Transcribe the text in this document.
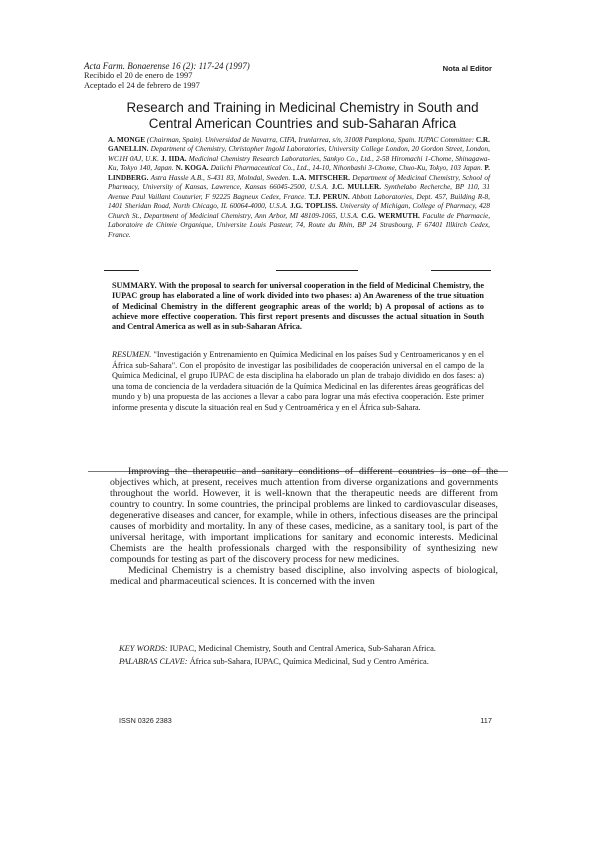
Acta Farm. Bonaerense 16 (2): 117-24 (1997)
Recibido el 20 de enero de 1997
Aceptado el 24 de febrero de 1997
Nota al Editor
Research and Training in Medicinal Chemistry in South and
Central American Countries and sub-Saharan Africa
A. MONGE (Chairman, Spain). Universidad de Navarra, CIFA, Irunlarrea, s/n, 31008 Pamplona, Spain. IUPAC Committee: C.R. GANELLIN. Department of Chemistry, Christopher Ingold Laboratories, University College London, 20 Gordon Street, London, WC1H 0AJ, U.K. J. IIDA. Medicinal Chemistry Research Laboratories, Sankyo Co., Ltd., 2-58 Hiromachi 1-Chome, Shinagawa-Ku, Tokyo 140, Japan. N. KOGA. Daiichi Pharmaceutical Co., Ltd., 14-10, Nihonbashi 3-Chome, Chuo-Ku, Tokyo, 103 Japan. P. LINDBERG. Astra Hassle A.B., S-431 83, Molndal, Sweden. L.A. MITSCHER. Department of Medicinal Chemistry, School of Pharmacy, University of Kansas, Lawrence, Kansas 66045-2500, U.S.A. J.C. MULLER. Synthelabo Recherche, BP 110, 31 Avenue Paul Vaillant Couturier, F 92225 Bagneux Cedex, France. T.J. PERUN. Abbott Laboratories, Dept. 457, Building R-8, 1401 Sheridan Road, North Chicago, IL 60064-4000, U.S.A. J.G. TOPLISS. University of Michigan, College of Pharmacy, 428 Church St., Department of Medicinal Chemistry, Ann Arbor, MI 48109-1065, U.S.A. C.G. WERMUTH. Faculte de Pharmacie, Laboratoire de Chimie Organique, Universite Louis Pasteur, 74, Route du Rhin, BP 24 Strasbourg, F 67401 Illkirch Cedex, France.
SUMMARY. With the proposal to search for universal cooperation in the field of Medicinal Chemistry, the IUPAC group has elaborated a line of work divided into two phases: a) An Awareness of the true situation of Medicinal Chemistry in the different geographic areas of the world; b) A proposal of actions as to achieve more effective cooperation. This first report presents and discusses the actual situation in South and Central America as well as in sub-Saharan Africa.
RESUMEN. "Investigación y Entrenamiento en Química Medicinal en los países Sud y Centroamericanos y en el África sub-Sahara". Con el propósito de investigar las posibilidades de cooperación universal en el campo de la Química Medicinal, el grupo IUPAC de esta disciplina ha elaborado un plan de trabajo dividido en dos fases: a) una toma de conciencia de la verdadera situación de la Química Medicinal en las diferentes áreas geográficas del mundo y b) una propuesta de las acciones a llevar a cabo para lograr una más efectiva cooperación. Este primer informe presenta y discute la situación real en Sud y Centroamérica y en el África sub-Sahara.

Improving the therapeutic and sanitary conditions of different countries is one of the objectives which, at present, receives much attention from diverse organizations and governments throughout the world. However, it is well-known that the therapeutic needs are different from country to country. In some countries, the principal problems are linked to cardiovascular diseases, degenerative diseases and cancer, for example, while in others, infectious diseases are the principal causes of morbidity and mortality. In any of these cases, medicine, as a sanitary tool, is part of the universal heritage, with important implications for sanitary and economic interests. Medicinal Chemists are the health professionals charged with the responsibility of synthesizing new compounds for testing as part of the discovery process for new medicines.

Medicinal Chemistry is a chemistry based discipline, also involving aspects of biological, medical and pharmaceutical sciences. It is concerned with the inven

KEY WORDS: IUPAC, Medicinal Chemistry, South and Central America, Sub-Saharan Africa.

PALABRAS CLAVE: África sub-Sahara, IUPAC, Química Medicinal, Sud y Centro América.

ISSN 0326 2383	117
